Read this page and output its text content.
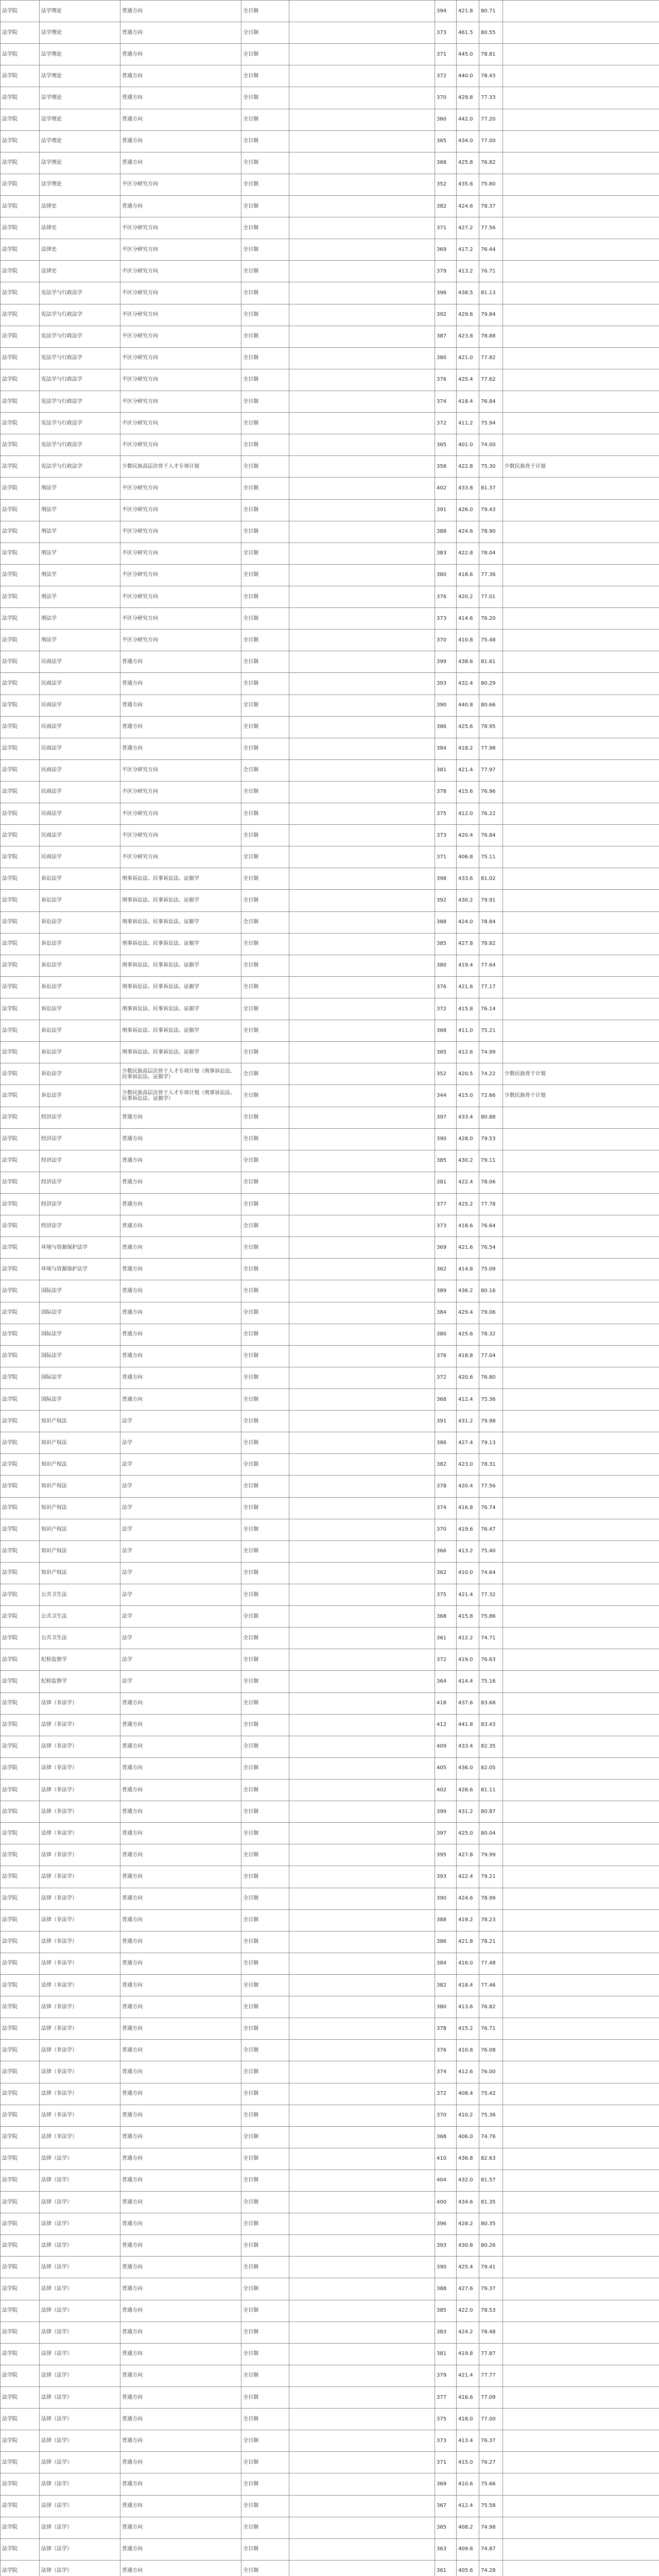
法学院	法学理论	普通方向	全日制		394	421.8	80.71	
法学院	法学理论	普通方向	全日制		373	461.5	80.55	
法学院	法学理论	普通方向	全日制		371	445.0	78.81	
法学院	法学理论	普通方向	全日制		372	440.0	78.43	
法学院	法学理论	普通方向	全日制		370	429.8	77.33	
法学院	法学理论	普通方向	全日制		360	442.0	77.20	
法学院	法学理论	普通方向	全日制		365	434.0	77.00	
法学院	法学理论	普通方向	全日制		368	425.8	76.82	
法学院	法学理论	不区分研究方向	全日制		352	435.6	75.80	
法学院	法律史	普通方向	全日制		382	424.6	78.37	
法学院	法律史	不区分研究方向	全日制		371	427.2	77.56	
法学院	法律史	不区分研究方向	全日制		369	417.2	76.44	
法学院	法律史	不区分研究方向	全日制		379	413.2	76.71	
法学院	宪法学与行政法学	不区分研究方向	全日制		396	438.5	81.13	
法学院	宪法学与行政法学	不区分研究方向	全日制		392	429.6	79.84	
法学院	宪法学与行政法学	不区分研究方向	全日制		387	423.8	78.88	
法学院	宪法学与行政法学	不区分研究方向	全日制		380	421.0	77.82	
法学院	宪法学与行政法学	不区分研究方向	全日制		376	425.4	77.62	
法学院	宪法学与行政法学	不区分研究方向	全日制		374	418.4	76.84	
法学院	宪法学与行政法学	不区分研究方向	全日制		372	411.2	75.94	
法学院	宪法学与行政法学	不区分研究方向	全日制		365	401.0	74.00	
法学院	宪法学与行政法学	少数民族高层次骨干人才专项计划	全日制		358	422.8	75.30	少数民族骨干计划
法学院	刑法学	不区分研究方向	全日制		402	433.8	81.37	
法学院	刑法学	不区分研究方向	全日制		391	426.0	79.43	
法学院	刑法学	不区分研究方向	全日制		388	424.6	78.90	
法学院	刑法学	不区分研究方向	全日制		383	422.8	78.04	
法学院	刑法学	不区分研究方向	全日制		380	418.6	77.36	
法学院	刑法学	不区分研究方向	全日制		376	420.2	77.01	
法学院	刑法学	不区分研究方向	全日制		373	414.6	76.20	
法学院	刑法学	不区分研究方向	全日制		370	410.8	75.48	
法学院	民商法学	普通方向	全日制		399	438.6	81.61	
法学院	民商法学	普通方向	全日制		393	432.4	80.29	
法学院	民商法学	普通方向	全日制		390	440.8	80.66	
法学院	民商法学	普通方向	全日制		386	425.6	78.95	
法学院	民商法学	普通方向	全日制		384	418.2	77.98	
法学院	民商法学	不区分研究方向	全日制		381	421.4	77.97	
法学院	民商法学	不区分研究方向	全日制		378	415.6	76.96	
法学院	民商法学	不区分研究方向	全日制		375	412.0	76.22	
法学院	民商法学	不区分研究方向	全日制		373	420.4	76.84	
法学院	民商法学	不区分研究方向	全日制		371	406.8	75.11	
法学院	诉讼法学	刑事诉讼法、民事诉讼法、证据学	全日制		398	433.6	81.02	
法学院	诉讼法学	刑事诉讼法、民事诉讼法、证据学	全日制		392	430.2	79.91	
法学院	诉讼法学	刑事诉讼法、民事诉讼法、证据学	全日制		388	424.0	78.84	
法学院	诉讼法学	刑事诉讼法、民事诉讼法、证据学	全日制		385	427.8	78.82	
法学院	诉讼法学	刑事诉讼法、民事诉讼法、证据学	全日制		380	419.4	77.64	
法学院	诉讼法学	刑事诉讼法、民事诉讼法、证据学	全日制		376	421.6	77.17	
法学院	诉讼法学	刑事诉讼法、民事诉讼法、证据学	全日制		372	415.8	76.14	
法学院	诉讼法学	刑事诉讼法、民事诉讼法、证据学	全日制		368	411.0	75.21	
法学院	诉讼法学	刑事诉讼法、民事诉讼法、证据学	全日制		365	412.6	74.99	
法学院	诉讼法学	少数民族高层次骨干人才专项计划（刑事诉讼法、民事诉讼法、证据学）	全日制		352	420.5	74.22	少数民族骨干计划
法学院	诉讼法学	少数民族高层次骨干人才专项计划（刑事诉讼法、民事诉讼法、证据学）	全日制		344	415.0	72.66	少数民族骨干计划
法学院	经济法学	普通方向	全日制		397	433.4	80.88	
法学院	经济法学	普通方向	全日制		390	428.0	79.53	
法学院	经济法学	普通方向	全日制		385	430.2	79.11	
法学院	经济法学	普通方向	全日制		381	422.4	78.06	
法学院	经济法学	普通方向	全日制		377	425.2	77.78	
法学院	经济法学	普通方向	全日制		373	418.6	76.64	
法学院	环境与资源保护法学	普通方向	全日制		369	421.6	76.54	
法学院	环境与资源保护法学	普通方向	全日制		362	414.8	75.09	
法学院	国际法学	普通方向	全日制		389	436.2	80.16	
法学院	国际法学	普通方向	全日制		384	429.4	79.06	
法学院	国际法学	普通方向	全日制		380	425.6	78.32	
法学院	国际法学	普通方向	全日制		376	418.8	77.04	
法学院	国际法学	普通方向	全日制		372	420.6	76.80	
法学院	国际法学	普通方向	全日制		368	412.4	75.36	
法学院	知识产权法	法学	全日制		391	431.2	79.98	
法学院	知识产权法	法学	全日制		386	427.4	79.13	
法学院	知识产权法	法学	全日制		382	423.0	78.31	
法学院	知识产权法	法学	全日制		378	420.4	77.56	
法学院	知识产权法	法学	全日制		374	416.8	76.74	
法学院	知识产权法	法学	全日制		370	419.6	76.47	
法学院	知识产权法	法学	全日制		366	413.2	75.40	
法学院	知识产权法	法学	全日制		362	410.0	74.64	
法学院	公共卫生法	法学	全日制		375	421.4	77.32	
法学院	公共卫生法	法学	全日制		368	415.8	75.86	
法学院	公共卫生法	法学	全日制		361	412.2	74.71	
法学院	纪检监察学	法学	全日制		372	419.0	76.63	
法学院	纪检监察学	法学	全日制		364	414.4	75.16	
法学院	法律（非法学）	普通方向	全日制		418	437.6	83.68	
法学院	法律（非法学）	普通方向	全日制		412	441.8	83.43	
法学院	法律（非法学）	普通方向	全日制		409	433.4	82.35	
法学院	法律（非法学）	普通方向	全日制		405	436.0	82.05	
法学院	法律（非法学）	普通方向	全日制		402	428.6	81.11	
法学院	法律（非法学）	普通方向	全日制		399	431.2	80.87	
法学院	法律（非法学）	普通方向	全日制		397	425.0	80.04	
法学院	法律（非法学）	普通方向	全日制		395	427.8	79.99	
法学院	法律（非法学）	普通方向	全日制		393	422.4	79.21	
法学院	法律（非法学）	普通方向	全日制		390	424.6	78.99	
法学院	法律（非法学）	普通方向	全日制		388	419.2	78.23	
法学院	法律（非法学）	普通方向	全日制		386	421.8	78.21	
法学院	法律（非法学）	普通方向	全日制		384	416.0	77.48	
法学院	法律（非法学）	普通方向	全日制		382	418.4	77.46	
法学院	法律（非法学）	普通方向	全日制		380	413.6	76.82	
法学院	法律（非法学）	普通方向	全日制		378	415.2	76.71	
法学院	法律（非法学）	普通方向	全日制		376	410.8	76.08	
法学院	法律（非法学）	普通方向	全日制		374	412.6	76.00	
法学院	法律（非法学）	普通方向	全日制		372	408.4	75.42	
法学院	法律（非法学）	普通方向	全日制		370	410.2	75.36	
法学院	法律（非法学）	普通方向	全日制		368	406.0	74.76	
法学院	法律（法学）	普通方向	全日制		410	436.8	82.63	
法学院	法律（法学）	普通方向	全日制		404	432.0	81.57	
法学院	法律（法学）	普通方向	全日制		400	434.6	81.35	
法学院	法律（法学）	普通方向	全日制		396	428.2	80.35	
法学院	法律（法学）	普通方向	全日制		393	430.8	80.26	
法学院	法律（法学）	普通方向	全日制		390	425.4	79.41	
法学院	法律（法学）	普通方向	全日制		388	427.6	79.37	
法学院	法律（法学）	普通方向	全日制		385	422.0	78.53	
法学院	法律（法学）	普通方向	全日制		383	424.2	78.48	
法学院	法律（法学）	普通方向	全日制		381	419.8	77.87	
法学院	法律（法学）	普通方向	全日制		379	421.4	77.77	
法学院	法律（法学）	普通方向	全日制		377	416.6	77.09	
法学院	法律（法学）	普通方向	全日制		375	418.0	77.00	
法学院	法律（法学）	普通方向	全日制		373	413.4	76.37	
法学院	法律（法学）	普通方向	全日制		371	415.0	76.27	
法学院	法律（法学）	普通方向	全日制		369	410.6	75.66	
法学院	法律（法学）	普通方向	全日制		367	412.4	75.58	
法学院	法律（法学）	普通方向	全日制		365	408.2	74.98	
法学院	法律（法学）	普通方向	全日制		363	409.8	74.87	
法学院	法律（法学）	普通方向	全日制		361	405.6	74.28	
